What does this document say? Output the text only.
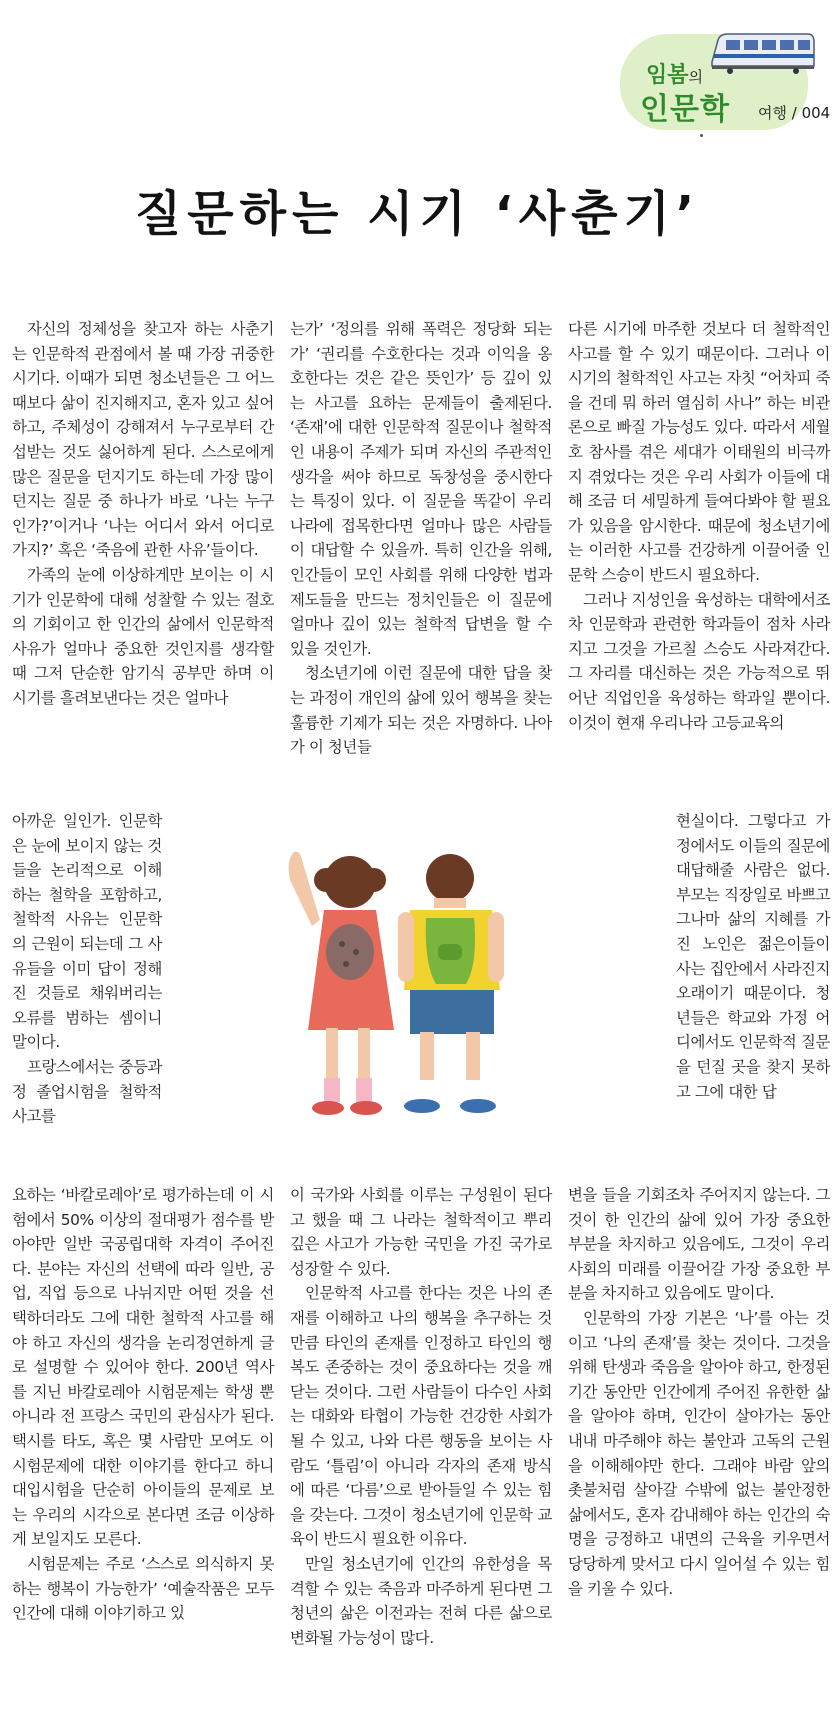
임봄의
인문학 여행 / 004
질문하는 시기 ‘사춘기’

자신의 정체성을 찾고자 하는 사춘기는 인문학적 관점에서 볼 때 가장 귀중한 시기다. 이때가 되면 청소년들은 그 어느 때보다 삶이 진지해지고, 혼자 있고 싶어 하고, 주체성이 강해져서 누구로부터 간섭받는 것도 싫어하게 된다. 스스로에게 많은 질문을 던지기도 하는데 가장 많이 던지는 질문 중 하나가 바로 ‘나는 누구인가?’이거나 ‘나는 어디서 와서 어디로 가지?’ 혹은 ‘죽음에 관한 사유’들이다.

가족의 눈에 이상하게만 보이는 이 시기가 인문학에 대해 성찰할 수 있는 절호의 기회이고 한 인간의 삶에서 인문학적 사유가 얼마나 중요한 것인지를 생각할 때 그저 단순한 암기식 공부만 하며 이 시기를 흘려보낸다는 것은 얼마나

아까운 일인가. 인문학은 눈에 보이지 않는 것들을 논리적으로 이해하는 철학을 포함하고, 철학적 사유는 인문학의 근원이 되는데 그 사유들을 이미 답이 정해진 것들로 채워버리는 오류를 범하는 셈이니 말이다.

프랑스에서는 중등과정 졸업시험을 철학적 사고를

요하는 ‘바칼로레아’로 평가하는데 이 시험에서 50% 이상의 절대평가 점수를 받아야만 일반 국공립대학 자격이 주어진다. 분야는 자신의 선택에 따라 일반, 공업, 직업 등으로 나뉘지만 어떤 것을 선택하더라도 그에 대한 철학적 사고를 해야 하고 자신의 생각을 논리정연하게 글로 설명할 수 있어야 한다. 200년 역사를 지닌 바칼로레아 시험문제는 학생 뿐 아니라 전 프랑스 국민의 관심사가 된다. 택시를 타도, 혹은 몇 사람만 모여도 이 시험문제에 대한 이야기를 한다고 하니 대입시험을 단순히 아이들의 문제로 보는 우리의 시각으로 본다면 조금 이상하게 보일지도 모른다.

시험문제는 주로 ‘스스로 의식하지 못하는 행복이 가능한가’ ‘예술작품은 모두 인간에 대해 이야기하고 있

는가’ ‘정의를 위해 폭력은 정당화 되는가’ ‘권리를 수호한다는 것과 이익을 옹호한다는 것은 같은 뜻인가’ 등 깊이 있는 사고를 요하는 문제들이 출제된다. ‘존재’에 대한 인문학적 질문이나 철학적인 내용이 주제가 되며 자신의 주관적인 생각을 써야 하므로 독창성을 중시한다는 특징이 있다. 이 질문을 똑같이 우리나라에 접목한다면 얼마나 많은 사람들이 대답할 수 있을까. 특히 인간을 위해, 인간들이 모인 사회를 위해 다양한 법과 제도들을 만드는 정치인들은 이 질문에 얼마나 깊이 있는 철학적 답변을 할 수 있을 것인가.

청소년기에 이런 질문에 대한 답을 찾는 과정이 개인의 삶에 있어 행복을 찾는 훌륭한 기제가 되는 것은 자명하다. 나아가 이 청년들

이 국가와 사회를 이루는 구성원이 된다고 했을 때 그 나라는 철학적이고 뿌리 깊은 사고가 가능한 국민을 가진 국가로 성장할 수 있다.

인문학적 사고를 한다는 것은 나의 존재를 이해하고 나의 행복을 추구하는 것만큼 타인의 존재를 인정하고 타인의 행복도 존중하는 것이 중요하다는 것을 깨닫는 것이다. 그런 사람들이 다수인 사회는 대화와 타협이 가능한 건강한 사회가 될 수 있고, 나와 다른 행동을 보이는 사람도 ‘틀림’이 아니라 각자의 존재 방식에 따른 ‘다름’으로 받아들일 수 있는 힘을 갖는다. 그것이 청소년기에 인문학 교육이 반드시 필요한 이유다.

만일 청소년기에 인간의 유한성을 목격할 수 있는 죽음과 마주하게 된다면 그 청년의 삶은 이전과는 전혀 다른 삶으로 변화될 가능성이 많다.

다른 시기에 마주한 것보다 더 철학적인 사고를 할 수 있기 때문이다. 그러나 이 시기의 철학적인 사고는 자칫 “어차피 죽을 건데 뭐 하러 열심히 사나” 하는 비관론으로 빠질 가능성도 있다. 따라서 세월호 참사를 겪은 세대가 이태원의 비극까지 겪었다는 것은 우리 사회가 이들에 대해 조금 더 세밀하게 들여다봐야 할 필요가 있음을 암시한다. 때문에 청소년기에는 이러한 사고를 건강하게 이끌어줄 인문학 스승이 반드시 필요하다.

그러나 지성인을 육성하는 대학에서조차 인문학과 관련한 학과들이 점차 사라지고 그것을 가르칠 스승도 사라져간다. 그 자리를 대신하는 것은 가능적으로 뛰어난 직업인을 육성하는 학과일 뿐이다. 이것이 현재 우리나라 고등교육의

현실이다. 그렇다고 가정에서도 이들의 질문에 대답해줄 사람은 없다. 부모는 직장일로 바쁘고 그나마 삶의 지혜를 가진 노인은 젊은이들이 사는 집안에서 사라진지 오래이기 때문이다. 청년들은 학교와 가정 어디에서도 인문학적 질문을 던질 곳을 찾지 못하고 그에 대한 답

변을 들을 기회조차 주어지지 않는다. 그것이 한 인간의 삶에 있어 가장 중요한 부분을 차지하고 있음에도, 그것이 우리 사회의 미래를 이끌어갈 가장 중요한 부분을 차지하고 있음에도 말이다.

인문학의 가장 기본은 ‘나’를 아는 것이고 ‘나의 존재’를 찾는 것이다. 그것을 위해 탄생과 죽음을 알아야 하고, 한정된 기간 동안만 인간에게 주어진 유한한 삶을 알아야 하며, 인간이 살아가는 동안 내내 마주해야 하는 불안과 고독의 근원을 이해해야만 한다. 그래야 바람 앞의 촛불처럼 살아갈 수밖에 없는 불안정한 삶에서도, 혼자 감내해야 하는 인간의 숙명을 긍정하고 내면의 근육을 키우면서 당당하게 맞서고 다시 일어설 수 있는 힘을 키울 수 있다.
